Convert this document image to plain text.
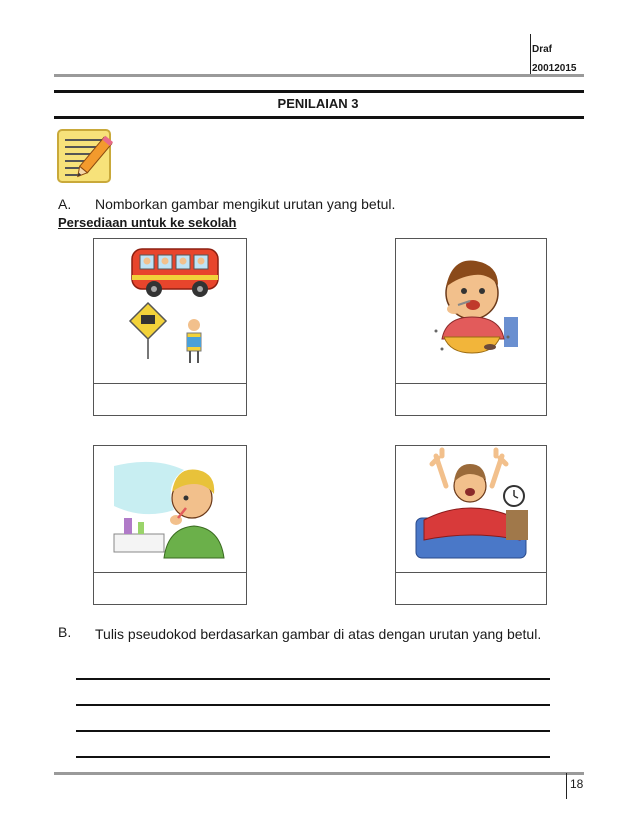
Draf
20012015
PENILAIAN 3
A. Nomborkan gambar mengikut urutan yang betul.
Persediaan untuk ke sekolah
B. Tulis pseudokod berdasarkan gambar di atas dengan urutan yang betul.
18
